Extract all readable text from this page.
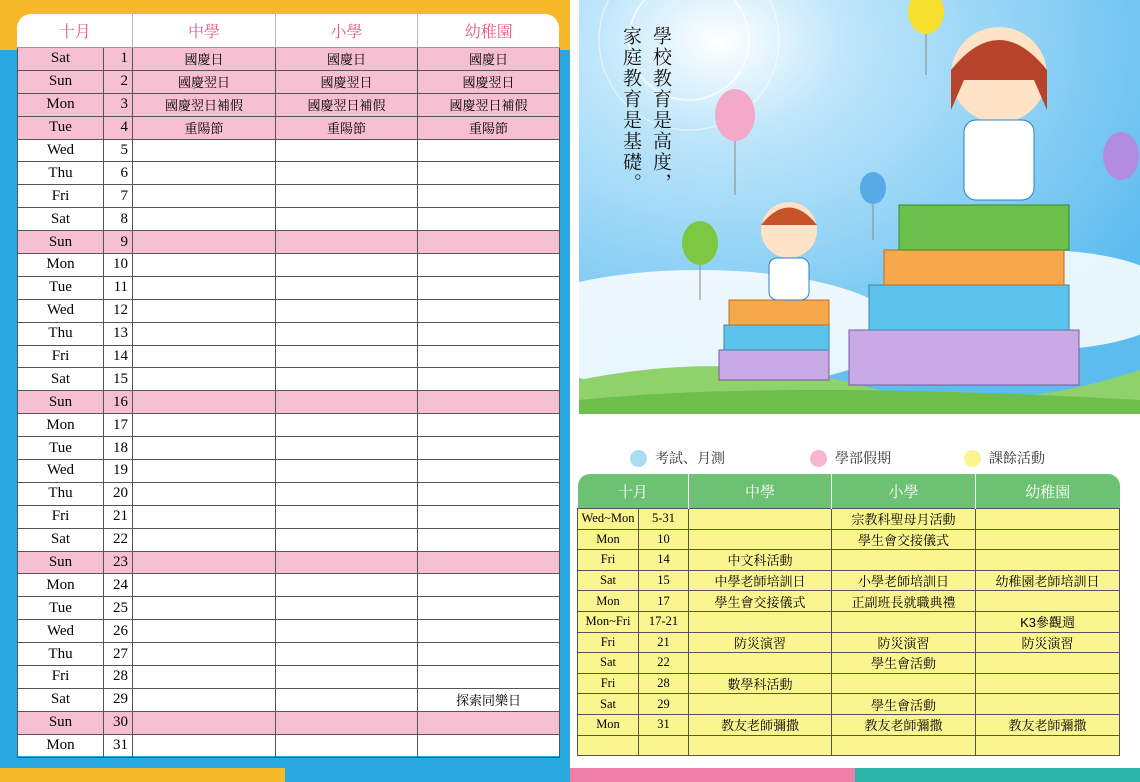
十月		中學	小學	幼稚園
Sat	1	國慶日	國慶日	國慶日
Sun	2	國慶翌日	國慶翌日	國慶翌日
Mon	3	國慶翌日補假	國慶翌日補假	國慶翌日補假
Tue	4	重陽節	重陽節	重陽節
Wed	5			
Thu	6			
Fri	7			
Sat	8			
Sun	9			
Mon	10			
Tue	11			
Wed	12			
Thu	13			
Fri	14			
Sat	15			
Sun	16			
Mon	17			
Tue	18			
Wed	19			
Thu	20			
Fri	21			
Sat	22			
Sun	23			
Mon	24			
Tue	25			
Wed	26			
Thu	27			
Fri	28			
Sat	29			探索同樂日
Sun	30			
Mon	31			
學校教育是高度，
家庭教育是基礎。
考試、月測	學部假期	課餘活動
十月		中學	小學	幼稚園
Wed~Mon	5-31		宗教科聖母月活動	
Mon	10		學生會交接儀式	
Fri	14	中文科活動		
Sat	15	中學老師培訓日	小學老師培訓日	幼稚園老師培訓日
Mon	17	學生會交接儀式	正副班長就職典禮	
Mon~Fri	17-21			K3參觀週
Fri	21	防災演習	防災演習	防災演習
Sat	22		學生會活動	
Fri	28	數學科活動		
Sat	29		學生會活動	
Mon	31	教友老師彌撒	教友老師彌撒	教友老師彌撒
